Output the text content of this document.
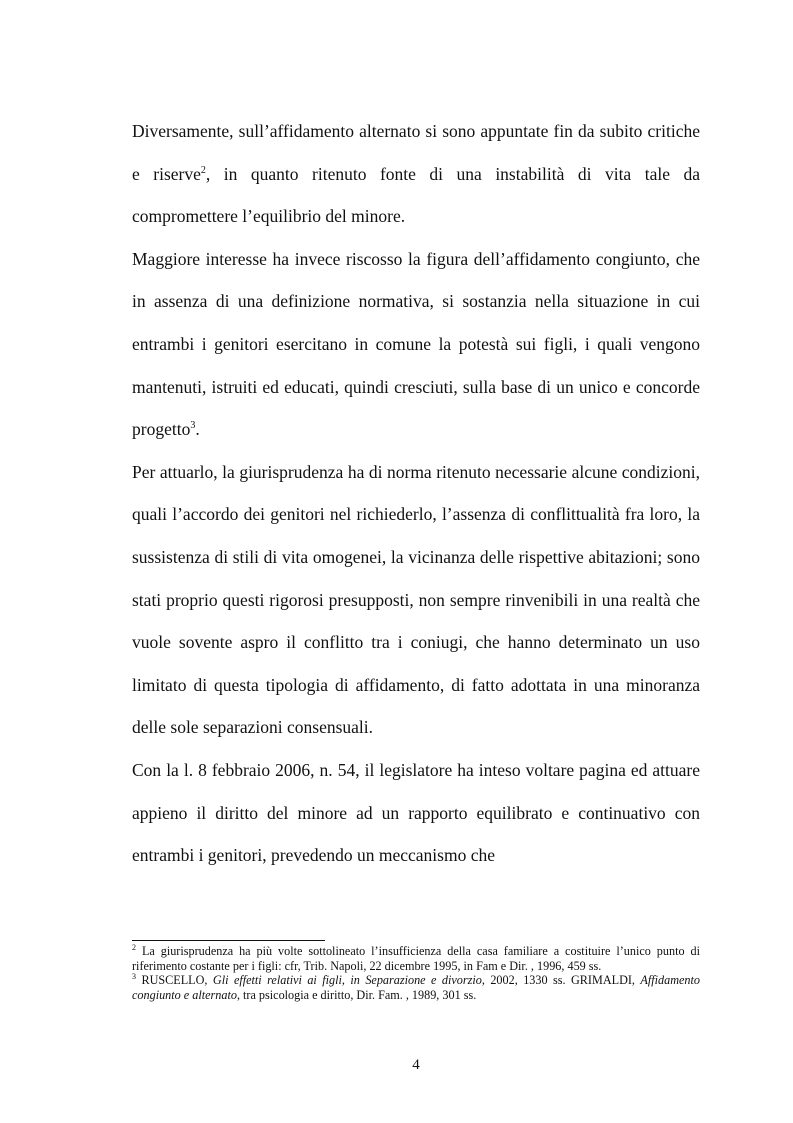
Diversamente, sull’affidamento alternato si sono appuntate fin da subito critiche e riserve$^2$, in quanto ritenuto fonte di una instabilità di vita tale da compromettere l’equilibrio del minore.

Maggiore interesse ha invece riscosso la figura dell’affidamento congiunto, che in assenza di una definizione normativa, si sostanzia nella situazione in cui entrambi i genitori esercitano in comune la potestà sui figli, i quali vengono mantenuti, istruiti ed educati, quindi cresciuti, sulla base di un unico e concorde progetto$^3$.

Per attuarlo, la giurisprudenza ha di norma ritenuto necessarie alcune condizioni, quali l’accordo dei genitori nel richiederlo, l’assenza di conflittualità fra loro, la sussistenza di stili di vita omogenei, la vicinanza delle rispettive abitazioni; sono stati proprio questi rigorosi presupposti, non sempre rinvenibili in una realtà che vuole sovente aspro il conflitto tra i coniugi, che hanno determinato un uso limitato di questa tipologia di affidamento, di fatto adottata in una minoranza delle sole separazioni consensuali.

Con la l. 8 febbraio 2006, n. 54, il legislatore ha inteso voltare pagina ed attuare appieno il diritto del minore ad un rapporto equilibrato e continuativo con entrambi i genitori, prevedendo un meccanismo che

$^2$ La giurisprudenza ha più volte sottolineato l’insufficienza della casa familiare a costituire l’unico punto di riferimento costante per i figli: cfr, Trib. Napoli, 22 dicembre 1995, in Fam e Dir. , 1996, 459 ss.

$^3$ RUSCELLO, Gli effetti relativi ai figli, in Separazione e divorzio, 2002, 1330 ss. GRIMALDI, Affidamento congiunto e alternato, tra psicologia e diritto, Dir. Fam. , 1989, 301 ss.

4
